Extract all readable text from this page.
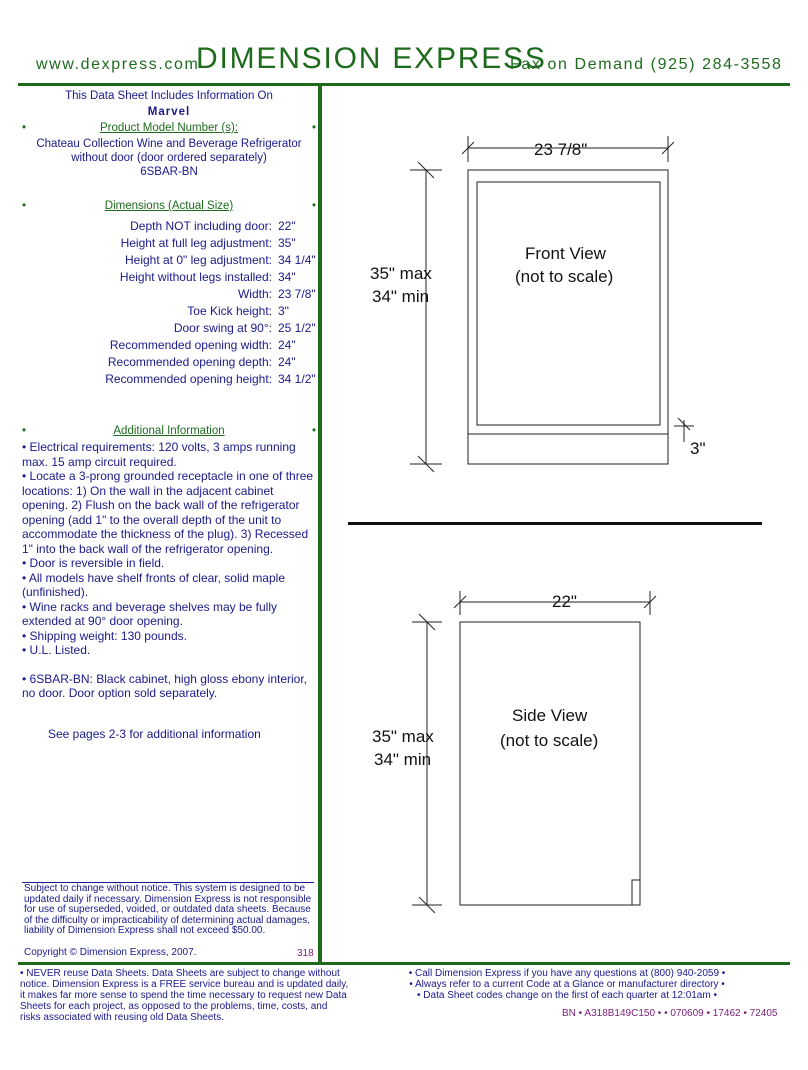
www.dexpress.com
DIMENSION EXPRESS
Fax on Demand (925) 284-3558
This Data Sheet Includes Information On
Marvel
•	Product Model Number (s):	•
Chateau Collection Wine and Beverage Refrigerator
without door (door ordered separately)
6SBAR-BN
•	Dimensions (Actual Size)	•
Depth NOT including door: 22"
Height at full leg adjustment: 35"
Height at 0" leg adjustment: 34 1/4"
Height without legs installed: 34"
Width: 23 7/8"
Toe Kick height: 3"
Door swing at 90°: 25 1/2"
Recommended opening width: 24"
Recommended opening depth: 24"
Recommended opening height: 34 1/2"
•	Additional Information	•

• Electrical requirements: 120 volts, 3 amps running max. 15 amp circuit required.

• Locate a 3-prong grounded receptacle in one of three locations: 1) On the wall in the adjacent cabinet opening. 2) Flush on the back wall of the refrigerator opening (add 1" to the overall depth of the unit to accommodate the thickness of the plug). 3) Recessed 1" into the back wall of the refrigerator opening.

• Door is reversible in field.

• All models have shelf fronts of clear, solid maple (unfinished).

• Wine racks and beverage shelves may be fully extended at 90° door opening.

• Shipping weight: 130 pounds.

• U.L. Listed.

• 6SBAR-BN: Black cabinet, high gloss ebony interior, no door. Door option sold separately.

See pages 2-3 for additional information
Subject to change without notice. This system is designed to be updated daily if necessary. Dimension Express is not responsible for use of superseded, voided, or outdated data sheets. Because of the difficulty or impracticability of determining actual damages, liability of Dimension Express shall not exceed $50.00.
Copyright © Dimension Express, 2007.	318
23 7/8"
35" max
34" min
Front View
(not to scale)
3"
22"
35" max
34" min
Side View
(not to scale)
• NEVER reuse Data Sheets. Data Sheets are subject to change without notice. Dimension Express is a FREE service bureau and is updated daily, it makes far more sense to spend the time necessary to request new Data Sheets for each project, as opposed to the problems, time, costs, and risks associated with reusing old Data Sheets.
• Call Dimension Express if you have any questions at (800) 940-2059 •
• Always refer to a current Code at a Glance or manufacturer directory •
• Data Sheet codes change on the first of each quarter at 12:01am •
BN • A318B149C150 • • 070609 • 17462 • 72405
